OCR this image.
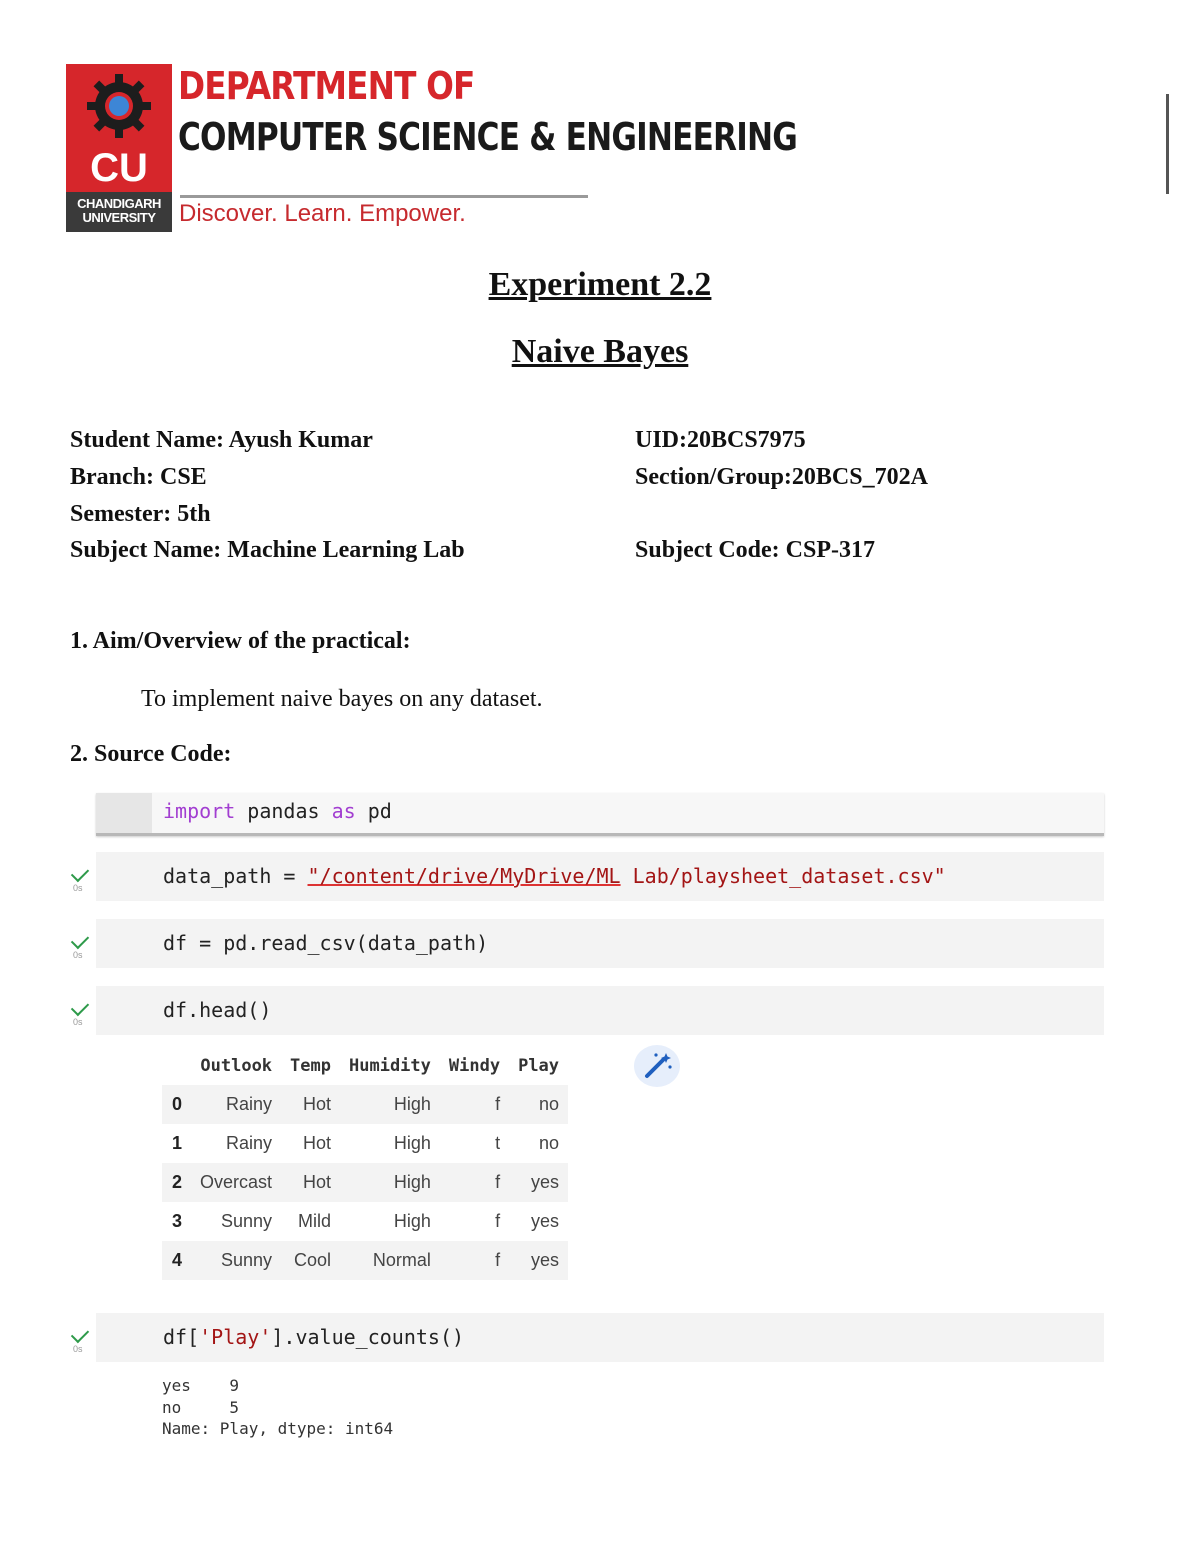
CU
CHANDIGARH
UNIVERSITY
DEPARTMENT OF
COMPUTER SCIENCE & ENGINEERING
Discover. Learn. Empower.
Experiment 2.2
Naive Bayes
Student Name: Ayush Kumar	UID:20BCS7975
Branch: CSE	Section/Group:20BCS_702A
Semester: 5th
Subject Name: Machine Learning Lab	Subject Code: CSP-317
1. Aim/Overview of the practical:
To implement naive bayes on any dataset.
2. Source Code:
import pandas as pd
0s	data_path = "/content/drive/MyDrive/ML Lab/playsheet_dataset.csv"
0s	df = pd.read_csv(data_path)
0s	df.head()
	Outlook	Temp	Humidity	Windy	Play
0	Rainy	Hot	High	f	no
1	Rainy	Hot	High	t	no
2	Overcast	Hot	High	f	yes
3	Sunny	Mild	High	f	yes
4	Sunny	Cool	Normal	f	yes
0s	df['Play'].value_counts()
yes    9
no     5
Name: Play, dtype: int64
